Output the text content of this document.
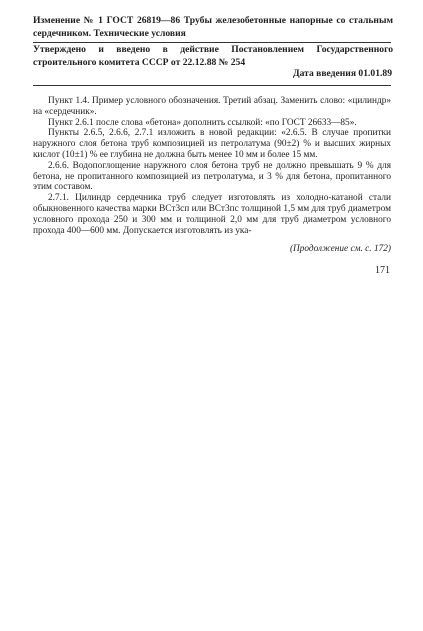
Изменение № 1 ГОСТ 26819—86 Трубы железобетонные напорные со стальным сердечником. Технические условия

Утверждено и введено в действие Постановлением Государственного строительного комитета СССР от 22.12.88 № 254

Дата введения 01.01.89

Пункт 1.4. Пример условного обозначения. Третий абзац. Заменить слово: «цилиндр» на «сердечник».

Пункт 2.6.1 после слова «бетона» дополнить ссылкой: «по ГОСТ 26633—85».

Пункты 2.6.5, 2.6.6, 2.7.1 изложить в новой редакции: «2.6.5. В случае пропитки наружного слоя бетона труб композицией из петролатума (90±2) % и высших жирных кислот (10±1) % ее глубина не должна быть менее 10 мм и более 15 мм.

2.6.6. Водопоглощение наружного слоя бетона труб не должно превышать 9 % для бетона, не пропитанного композицией из петролатума, и 3 % для бетона, пропитанного этим составом.

2.7.1. Цилиндр сердечника труб следует изготовлять из холодно-катаной стали обыкновенного качества марки ВСт3сп или ВСт3пс толщиной 1,5 мм для труб диаметром условного прохода 250 и 300 мм и толщиной 2,0 мм для труб диаметром условного прохода 400—600 мм. Допускается изготовлять из ука-

(Продолжение см. с. 172)
171
